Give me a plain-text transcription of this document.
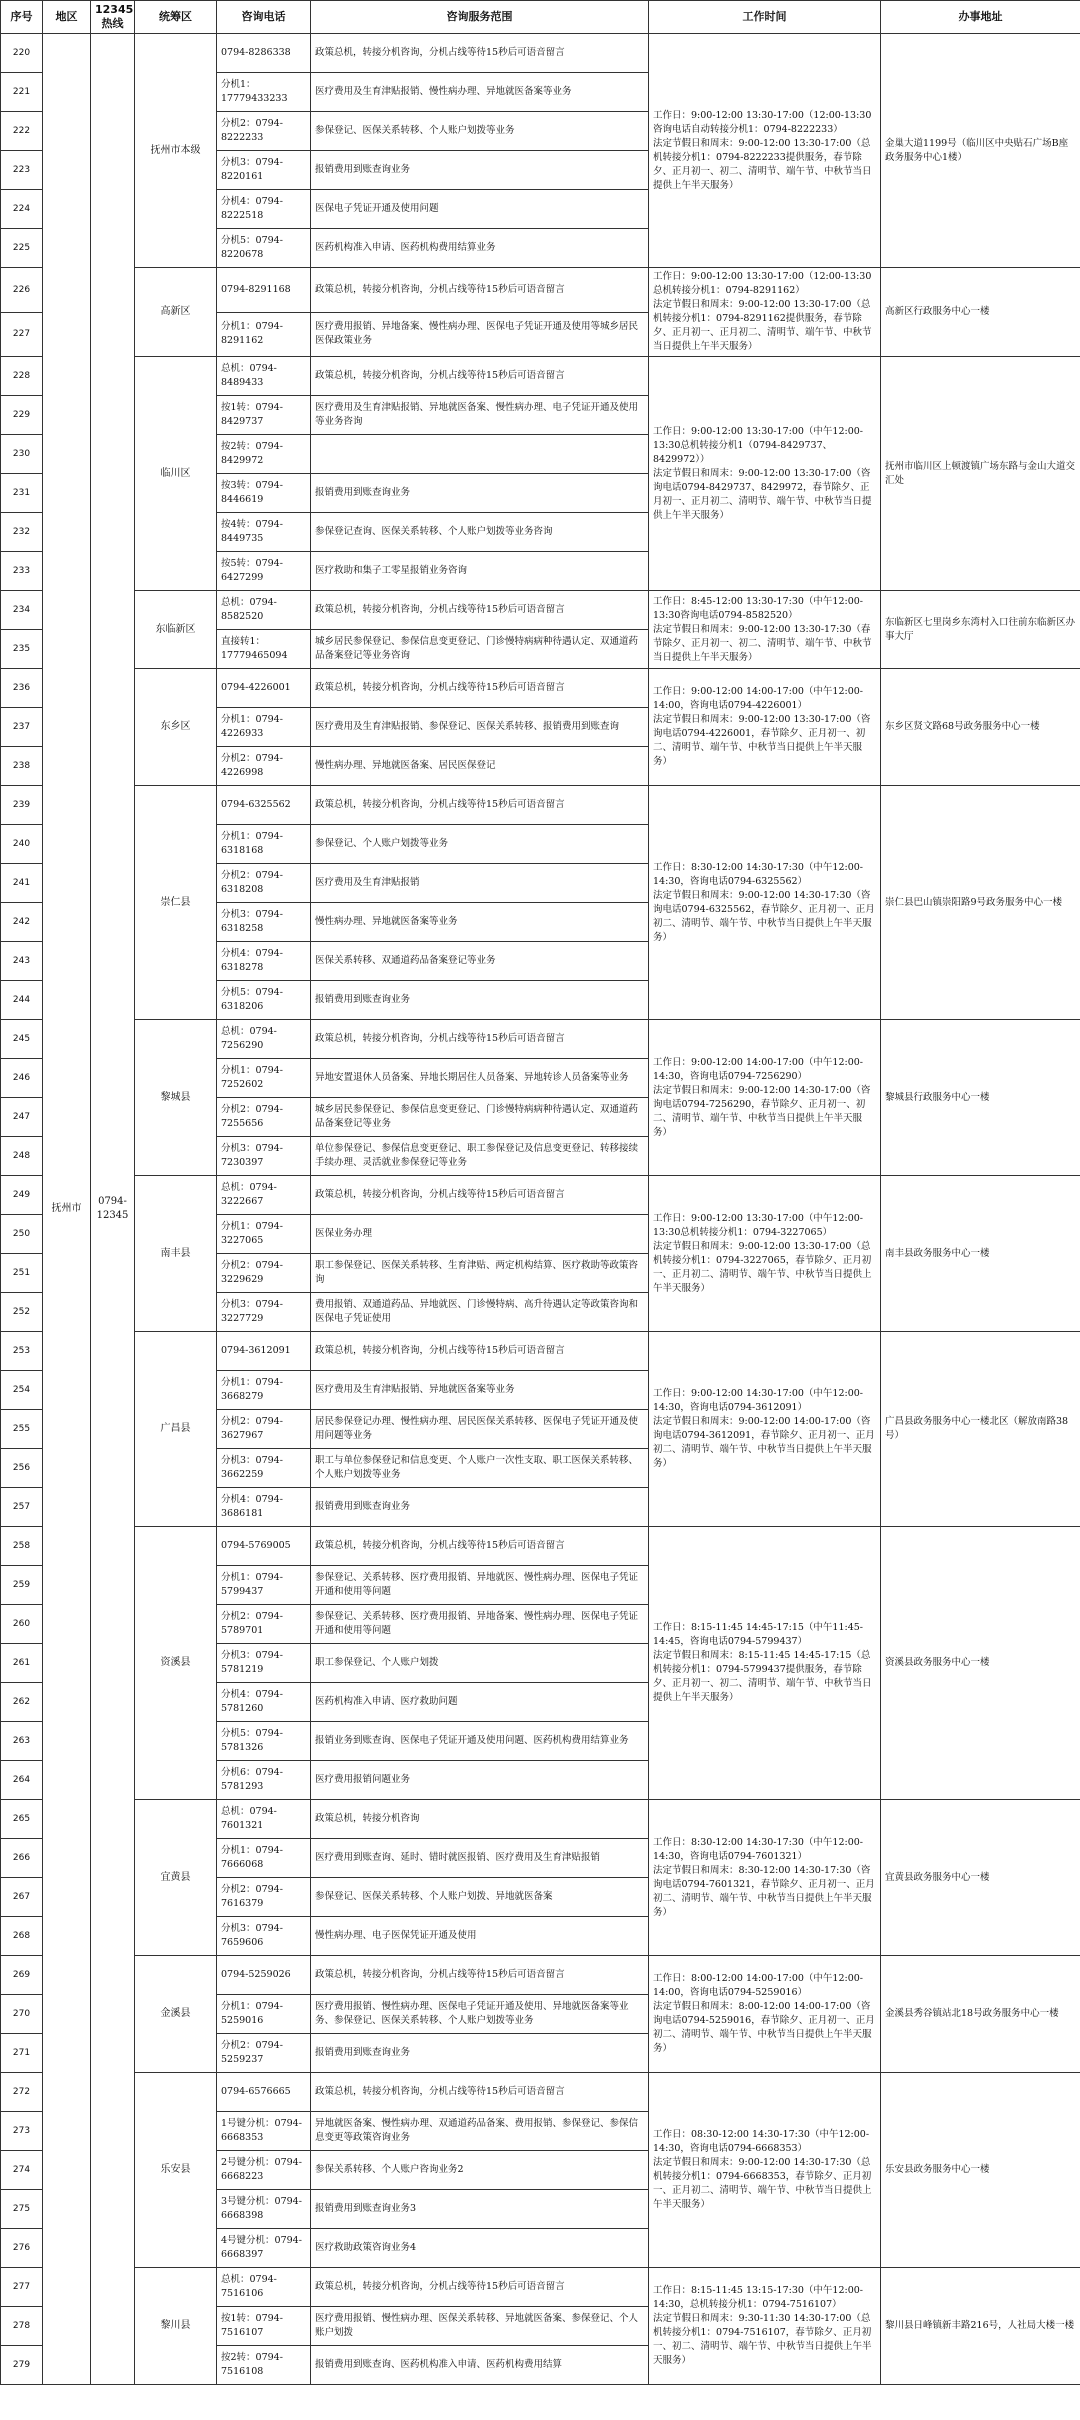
序号	地区	12345热线	统筹区	咨询电话	咨询服务范围	工作时间	办事地址
220	抚州市	0794-12345	抚州市本级	0794-8286338	政策总机，转接分机咨询，分机占线等待15秒后可语音留言	工作日：9:00-12:00 13:30-17:00（12:00-13:30咨询电话自动转接分机1：0794-8222233）
法定节假日和周末：9:00-12:00 13:30-17:00（总机转接分机1：0794-8222233提供服务，春节除夕、正月初一、初二、清明节、端午节、中秋节当日提供上午半天服务）	金巢大道1199号（临川区中央贴石广场B座政务服务中心1楼）
221				分机1：17779433233	医疗费用及生育津贴报销、慢性病办理、异地就医备案等业务		
222				分机2：0794-8222233	参保登记、医保关系转移、个人账户划拨等业务		
223				分机3：0794-8220161	报销费用到账查询业务		
224				分机4：0794-8222518	医保电子凭证开通及使用问题		
225				分机5：0794-8220678	医药机构准入申请、医药机构费用结算业务		
226			高新区	0794-8291168	政策总机，转接分机咨询，分机占线等待15秒后可语音留言	工作日：9:00-12:00 13:30-17:00（12:00-13:30总机转接分机1：0794-8291162）
法定节假日和周末：9:00-12:00 13:30-17:00（总机转接分机1：0794-8291162提供服务，春节除夕、正月初一、正月初二、清明节、端午节、中秋节当日提供上午半天服务）	高新区行政服务中心一楼
227				分机1：0794-8291162	医疗费用报销、异地备案、慢性病办理、医保电子凭证开通及使用等城乡居民医保政策业务		
228			临川区	总机：0794-8489433	政策总机，转接分机咨询，分机占线等待15秒后可语音留言	工作日：9:00-12:00 13:30-17:00（中午12:00-13:30总机转接分机1（0794-8429737、8429972））
法定节假日和周末：9:00-12:00 13:30-17:00（咨询电话0794-8429737、8429972，春节除夕、正月初一、正月初二、清明节、端午节、中秋节当日提供上午半天服务）	抚州市临川区上顿渡镇广场东路与金山大道交汇处
229				按1转：0794-8429737	医疗费用及生育津贴报销、异地就医备案、慢性病办理、电子凭证开通及使用等业务咨询		
230				按2转：0794-8429972			
231				按3转：0794-8446619	报销费用到账查询业务		
232				按4转：0794-8449735	参保登记查询、医保关系转移、个人账户划拨等业务咨询		
233				按5转：0794-6427299	医疗救助和集子工零星报销业务咨询		
234			东临新区	总机：0794-8582520	政策总机，转接分机咨询，分机占线等待15秒后可语音留言	工作日：8:45-12:00 13:30-17:30（中午12:00-13:30咨询电话0794-8582520）
法定节假日和周末：9:00-12:00 13:30-17:30（春节除夕、正月初一、初二、清明节、端午节、中秋节当日提供上午半天服务）	东临新区七里岗乡东湾村入口往前东临新区办事大厅
235				直接转1：17779465094	城乡居民参保登记、参保信息变更登记、门诊慢特病病种待遇认定、双通道药品备案登记等业务咨询		
236			东乡区	0794-4226001	政策总机，转接分机咨询，分机占线等待15秒后可语音留言	工作日：9:00-12:00 14:00-17:00（中午12:00-14:00，咨询电话0794-4226001）
法定节假日和周末：9:00-12:00 13:30-17:00（咨询电话0794-4226001，春节除夕、正月初一、初二、清明节、端午节、中秋节当日提供上午半天服务）	东乡区贤文路68号政务服务中心一楼
237				分机1：0794-4226933	医疗费用及生育津贴报销、参保登记、医保关系转移、报销费用到账查询		
238				分机2：0794-4226998	慢性病办理、异地就医备案、居民医保登记		
239			崇仁县	0794-6325562	政策总机，转接分机咨询，分机占线等待15秒后可语音留言	工作日：8:30-12:00 14:30-17:30（中午12:00-14:30，咨询电话0794-6325562）
法定节假日和周末：9:00-12:00 14:30-17:30（咨询电话0794-6325562，春节除夕、正月初一、正月初二、清明节、端午节、中秋节当日提供上午半天服务）	崇仁县巴山镇崇阳路9号政务服务中心一楼
240				分机1：0794-6318168	参保登记、个人账户划拨等业务		
241				分机2：0794-6318208	医疗费用及生育津贴报销		
242				分机3：0794-6318258	慢性病办理、异地就医备案等业务		
243				分机4：0794-6318278	医保关系转移、双通道药品备案登记等业务		
244				分机5：0794-6318206	报销费用到账查询业务		
245			黎城县	总机：0794-7256290	政策总机，转接分机咨询，分机占线等待15秒后可语音留言	工作日：9:00-12:00 14:00-17:00（中午12:00-14:30，咨询电话0794-7256290）
法定节假日和周末：9:00-12:00 14:30-17:00（咨询电话0794-7256290，春节除夕、正月初一、初二、清明节、端午节、中秋节当日提供上午半天服务）	黎城县行政服务中心一楼
246				分机1：0794-7252602	异地安置退休人员备案、异地长期居住人员备案、异地转诊人员备案等业务		
247				分机2：0794-7255656	城乡居民参保登记、参保信息变更登记、门诊慢特病病种待遇认定、双通道药品备案登记等业务		
248				分机3：0794-7230397	单位参保登记、参保信息变更登记、职工参保登记及信息变更登记、转移接续手续办理、灵活就业参保登记等业务		
249			南丰县	总机：0794-3222667	政策总机，转接分机咨询，分机占线等待15秒后可语音留言	工作日：9:00-12:00 13:30-17:00（中午12:00-13:30总机转接分机1：0794-3227065）
法定节假日和周末：9:00-12:00 13:30-17:00（总机转接分机1：0794-3227065，春节除夕、正月初一、正月初二、清明节、端午节、中秋节当日提供上午半天服务）	南丰县政务服务中心一楼
250				分机1：0794-3227065	医保业务办理		
251				分机2：0794-3229629	职工参保登记、医保关系转移、生育津贴、两定机构结算、医疗救助等政策咨询		
252				分机3：0794-3227729	费用报销、双通道药品、异地就医、门诊慢特病、高升待遇认定等政策咨询和医保电子凭证使用		
253			广昌县	0794-3612091	政策总机，转接分机咨询，分机占线等待15秒后可语音留言	工作日：9:00-12:00 14:30-17:00（中午12:00-14:30，咨询电话0794-3612091）
法定节假日和周末：9:00-12:00 14:00-17:00（咨询电话0794-3612091，春节除夕、正月初一、正月初二、清明节、端午节、中秋节当日提供上午半天服务）	广昌县政务服务中心一楼北区（解放南路38号）
254				分机1：0794-3668279	医疗费用及生育津贴报销、异地就医备案等业务		
255				分机2：0794-3627967	居民参保登记办理、慢性病办理、居民医保关系转移、医保电子凭证开通及使用问题等业务		
256				分机3：0794-3662259	职工与单位参保登记和信息变更、个人账户一次性支取、职工医保关系转移、个人账户划拨等业务		
257				分机4：0794-3686181	报销费用到账查询业务		
258			资溪县	0794-5769005	政策总机，转接分机咨询，分机占线等待15秒后可语音留言	工作日：8:15-11:45 14:45-17:15（中午11:45-14:45，咨询电话0794-5799437）
法定节假日和周末：8:15-11:45 14:45-17:15（总机转接分机1：0794-5799437提供服务，春节除夕、正月初一、初二、清明节、端午节、中秋节当日提供上午半天服务）	资溪县政务服务中心一楼
259				分机1：0794-5799437	参保登记、关系转移、医疗费用报销、异地就医、慢性病办理、医保电子凭证开通和使用等问题		
260				分机2：0794-5789701	参保登记、关系转移、医疗费用报销、异地备案、慢性病办理、医保电子凭证开通和使用等问题		
261				分机3：0794-5781219	职工参保登记、个人账户划拨		
262				分机4：0794-5781260	医药机构准入申请、医疗救助问题		
263				分机5：0794-5781326	报销业务到账查询、医保电子凭证开通及使用问题、医药机构费用结算业务		
264				分机6：0794-5781293	医疗费用报销问题业务		
265			宜黄县	总机：0794-7601321	政策总机，转接分机咨询	工作日：8:30-12:00 14:30-17:30（中午12:00-14:30，咨询电话0794-7601321）
法定节假日和周末：8:30-12:00 14:30-17:30（咨询电话0794-7601321，春节除夕、正月初一、正月初二、清明节、端午节、中秋节当日提供上午半天服务）	宜黄县政务服务中心一楼
266				分机1：0794-7666068	医疗费用到账查询、延时、错时就医报销、医疗费用及生育津贴报销		
267				分机2：0794-7616379	参保登记、医保关系转移、个人账户划拨、异地就医备案		
268				分机3：0794-7659606	慢性病办理、电子医保凭证开通及使用		
269			金溪县	0794-5259026	政策总机，转接分机咨询，分机占线等待15秒后可语音留言	工作日：8:00-12:00 14:00-17:00（中午12:00-14:00，咨询电话0794-5259016）
法定节假日和周末：8:00-12:00 14:00-17:00（咨询电话0794-5259016，春节除夕、正月初一、正月初二、清明节、端午节、中秋节当日提供上午半天服务）	金溪县秀谷镇站北18号政务服务中心一楼
270				分机1：0794-5259016	医疗费用报销、慢性病办理、医保电子凭证开通及使用、异地就医备案等业务、参保登记、医保关系转移、个人账户划拨等业务		
271				分机2：0794-5259237	报销费用到账查询业务		
272			乐安县	0794-6576665	政策总机，转接分机咨询，分机占线等待15秒后可语音留言	工作日：08:30-12:00 14:30-17:30（中午12:00-14:30，咨询电话0794-6668353）
法定节假日和周末：9:00-12:00 14:30-17:30（总机转接分机1：0794-6668353，春节除夕、正月初一、正月初二、清明节、端午节、中秋节当日提供上午半天服务）	乐安县政务服务中心一楼
273				1号键分机：0794-6668353	异地就医备案、慢性病办理、双通道药品备案、费用报销、参保登记、参保信息变更等政策咨询业务		
274				2号键分机：0794-6668223	参保关系转移、个人账户咨询业务2		
275				3号键分机：0794-6668398	报销费用到账查询业务3		
276				4号键分机：0794-6668397	医疗救助政策咨询业务4		
277			黎川县	总机：0794-7516106	政策总机，转接分机咨询，分机占线等待15秒后可语音留言	工作日：8:15-11:45 13:15-17:30（中午12:00-14:30，总机转接分机1：0794-7516107）
法定节假日和周末：9:30-11:30 14:30-17:00（总机转接分机1：0794-7516107，春节除夕、正月初一、初二、清明节、端午节、中秋节当日提供上午半天服务）	黎川县日峰镇新丰路216号，人社局大楼一楼
278				按1转：0794-7516107	医疗费用报销、慢性病办理、医保关系转移、异地就医备案、参保登记、个人账户划拨		
279				按2转：0794-7516108	报销费用到账查询、医药机构准入申请、医药机构费用结算		
